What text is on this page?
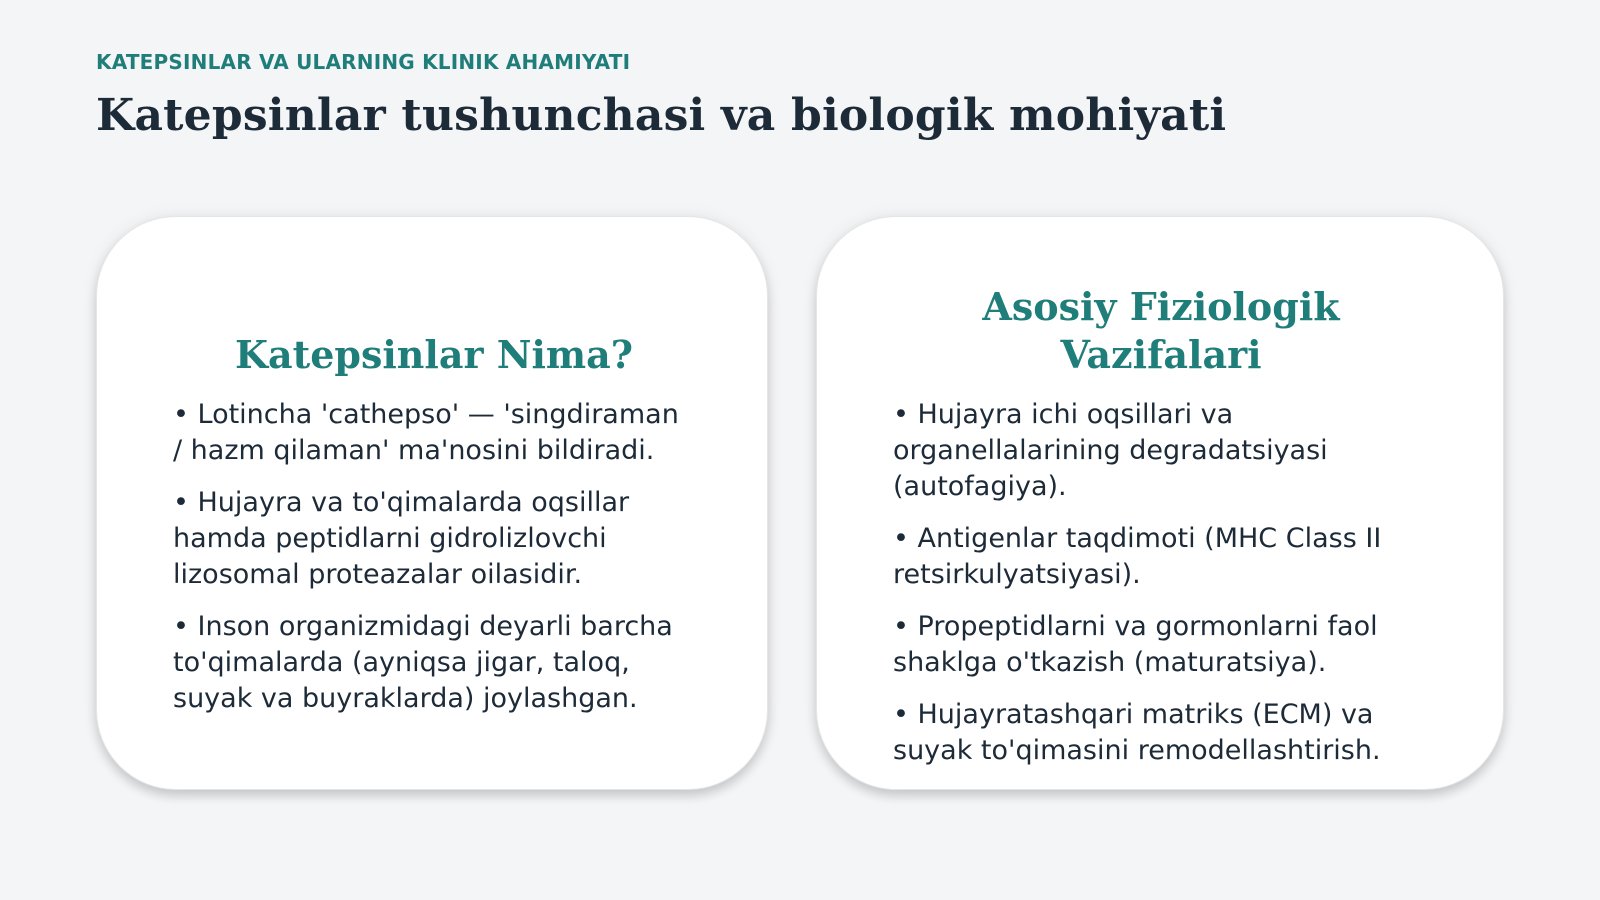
KATEPSINLAR VA ULARNING KLINIK AHAMIYATI
Katepsinlar tushunchasi va biologik mohiyati
Katepsinlar Nima?
• Lotincha 'cathepso' — 'singdiraman / hazm qilaman' ma'nosini bildiradi.
• Hujayra va to'qimalarda oqsillar hamda peptidlarni gidrolizlovchi lizosomal proteazalar oilasidir.
• Inson organizmidagi deyarli barcha to'qimalarda (ayniqsa jigar, taloq, suyak va buyraklarda) joylashgan.
Asosiy Fiziologik Vazifalari
• Hujayra ichi oqsillari va organellalarining degradatsiyasi (autofagiya).
• Antigenlar taqdimoti (MHC Class II retsirkulyatsiyasi).
• Propeptidlarni va gormonlarni faol shaklga o'tkazish (maturatsiya).
• Hujayratashqari matriks (ECM) va suyak to'qimasini remodellashtirish.
